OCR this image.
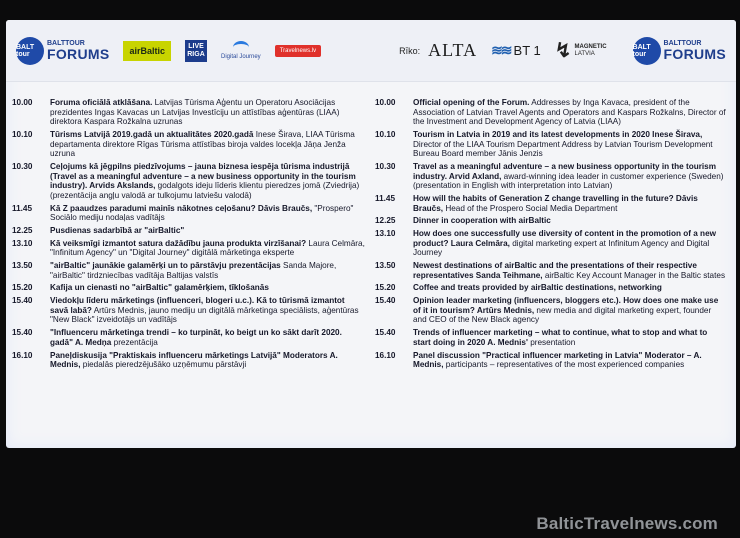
BALT tour
BALTTOUR
FORUMS	airBaltic	LIVE
RIGA	Digital Journey
Travelnews.lv	Rīko: ALTA ≋≋ BT 1 ↯ MAGNETIC
LATVIA
BALT tour
BALTTOUR
FORUMS
10.00	Foruma oficiālā atklāšana. Latvijas Tūrisma Aģentu un Operatoru Asociācijas prezidentes Ingas Kavacas un Latvijas Investīciju un attīstības aģentūras (LIAA) direktora Kaspara Rožkalna uzrunas
10.10	Tūrisms Latvijā 2019.gadā un aktualitātes 2020.gadā Inese Širava, LIAA Tūrisma departamenta direktore Rīgas Tūrisma attīstības biroja valdes locekļa Jāņa Jenža uzruna
10.30	Ceļojums kā jēgpilns piedzīvojums – jauna biznesa iespēja tūrisma industrijā (Travel as a meaningful adventure – a new business opportunity in the tourism industry). Arvids Akslands, godalgots ideju līderis klientu pieredzes jomā (Zviedrija) (prezentācija angļu valodā ar tulkojumu latviešu valodā)
11.45	Kā Z paaudzes paradumi mainīs nākotnes ceļošanu? Dāvis Braučs, "Prospero" Sociālo mediju nodaļas vadītājs
12.25	Pusdienas sadarbībā ar "airBaltic"
13.10	Kā veiksmīgi izmantot satura dažādību jauna produkta virzīšanai? Laura Celmāra, "Infinitum Agency" un "Digital Journey" digitālā mārketinga eksperte
13.50	"airBaltic" jaunākie galamērķi un to pārstāvju prezentācijas Sanda Majore, "airBaltic" tirdzniecības vadītāja Baltijas valstīs
15.20	Kafija un cienasti no "airBaltic" galamērķiem, tīklošanās
15.40	Viedokļu līderu mārketings (influenceri, blogeri u.c.). Kā to tūrismā izmantot savā labā? Artūrs Mednis, jauno mediju un digitālā mārketinga speciālists, aģentūras "New Black" izveidotājs un vadītājs
15.40	"Influenceru mārketinga trendi – ko turpināt, ko beigt un ko sākt darīt 2020. gadā" A. Medņa prezentācija
16.10	Paneļdiskusija "Praktiskais influenceru mārketings Latvijā" Moderators A. Mednis, piedalās pieredzējušāko uzņēmumu pārstāvji
10.00	Official opening of the Forum. Addresses by Inga Kavaca, president of the Association of Latvian Travel Agents and Operators and Kaspars Rožkalns, Director of the Investment and Development Agency of Latvia (LIAA)
10.10	Tourism in Latvia in 2019 and its latest developments in 2020 Inese Širava, Director of the LIAA Tourism Department Address by Latvian Tourism Development Bureau Board member Jānis Jenzis
10.30	Travel as a meaningful adventure – a new business opportunity in the tourism industry. Arvid Axland, award-winning idea leader in customer experience (Sweden) (presentation in English with interpretation into Latvian)
11.45	How will the habits of Generation Z change travelling in the future? Dāvis Braučs, Head of the Prospero Social Media Department
12.25	Dinner in cooperation with airBaltic
13.10	How does one successfully use diversity of content in the promotion of a new product? Laura Celmāra, digital marketing expert at Infinitum Agency and Digital Journey
13.50	Newest destinations of airBaltic and the presentations of their respective representatives Sanda Teihmane, airBaltic Key Account Manager in the Baltic states
15.20	Coffee and treats provided by airBaltic destinations, networking
15.40	Opinion leader marketing (influencers, bloggers etc.). How does one make use of it in tourism? Artūrs Mednis, new media and digital marketing expert, founder and CEO of the New Black agency
15.40	Trends of influencer marketing – what to continue, what to stop and what to start doing in 2020 A. Mednis' presentation
16.10	Panel discussion "Practical influencer marketing in Latvia" Moderator – A. Mednis, participants – representatives of the most experienced companies
BalticTravelnews.com
